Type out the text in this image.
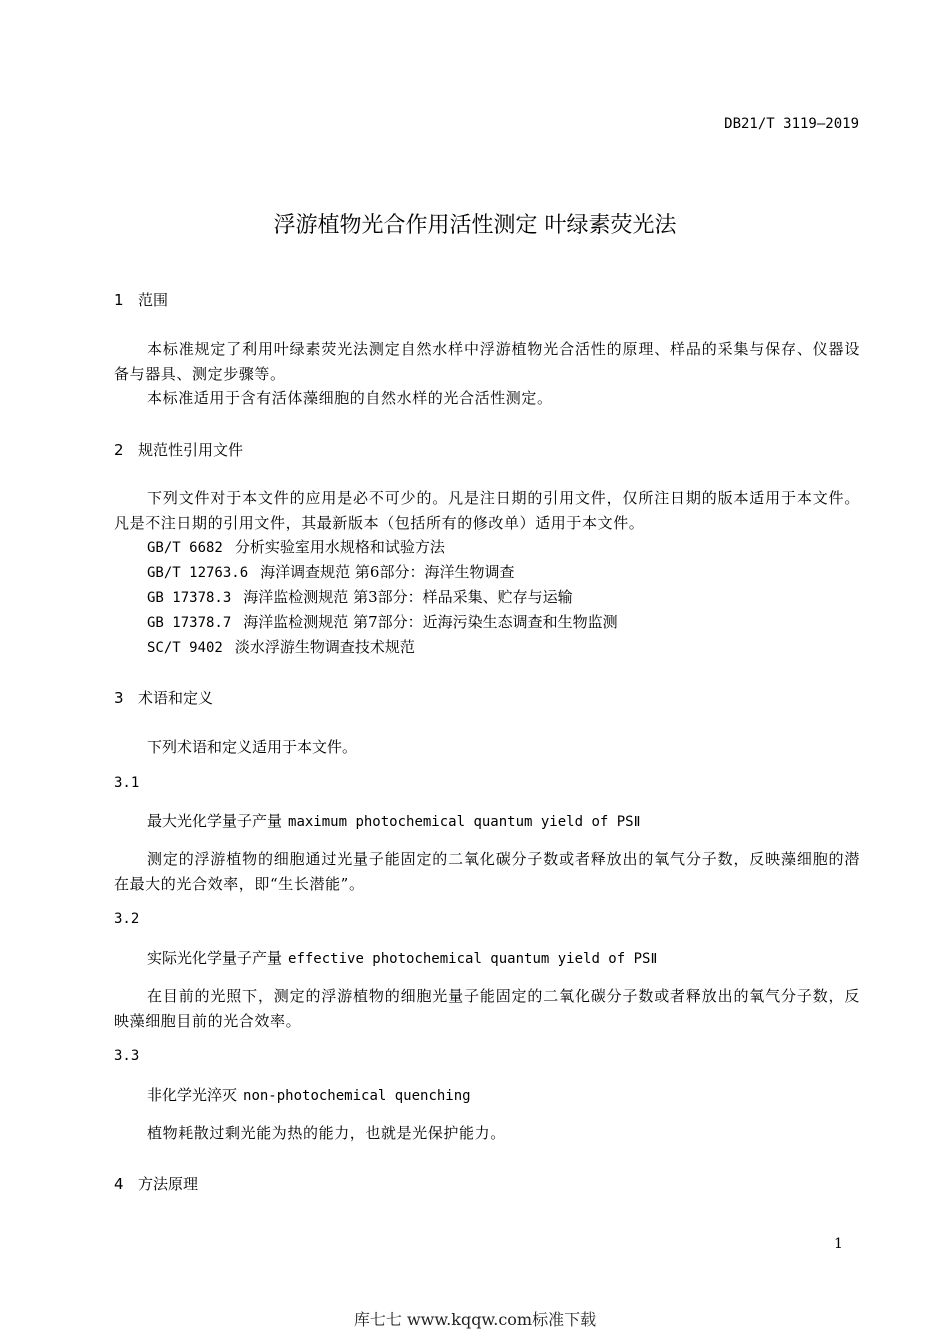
DB21/T 3119—2019
浮游植物光合作用活性测定 叶绿素荧光法
1 范围
本标准规定了利用叶绿素荧光法测定自然水样中浮游植物光合活性的原理、样品的采集与保存、仪器设备与器具、测定步骤等。
本标准适用于含有活体藻细胞的自然水样的光合活性测定。
2 规范性引用文件
下列文件对于本文件的应用是必不可少的。凡是注日期的引用文件，仅所注日期的版本适用于本文件。凡是不注日期的引用文件，其最新版本（包括所有的修改单）适用于本文件。
GB/T 6682 分析实验室用水规格和试验方法
GB/T 12763.6 海洋调查规范 第6部分：海洋生物调查
GB 17378.3 海洋监检测规范 第3部分：样品采集、贮存与运输
GB 17378.7 海洋监检测规范 第7部分：近海污染生态调查和生物监测
SC/T 9402 淡水浮游生物调查技术规范
3 术语和定义
下列术语和定义适用于本文件。
3.1
最大光化学量子产量 maximum photochemical quantum yield of PSⅡ
测定的浮游植物的细胞通过光量子能固定的二氧化碳分子数或者释放出的氧气分子数，反映藻细胞的潜在最大的光合效率，即“生长潜能”。
3.2
实际光化学量子产量 effective photochemical quantum yield of PSⅡ
在目前的光照下，测定的浮游植物的细胞光量子能固定的二氧化碳分子数或者释放出的氧气分子数，反映藻细胞目前的光合效率。
3.3
非化学光淬灭 non-photochemical quenching
植物耗散过剩光能为热的能力，也就是光保护能力。
4 方法原理
1
库七七 www.kqqw.com标准下载
